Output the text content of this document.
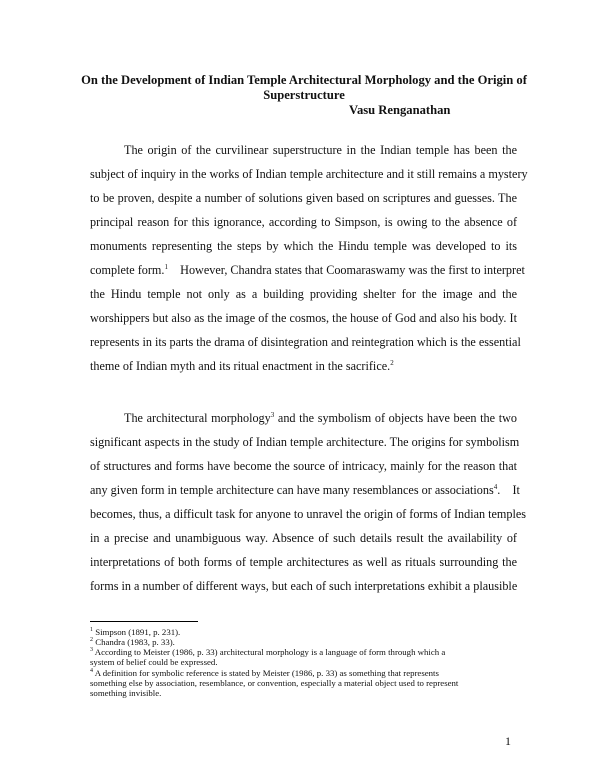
On the Development of Indian Temple Architectural Morphology and the Origin of Superstructure
Vasu Renganathan
The origin of the curvilinear superstructure in the Indian temple has been the
subject of inquiry in the works of Indian temple architecture and it still remains a mystery
to be proven, despite a number of solutions given based on scriptures and guesses. The
principal reason for this ignorance, according to Simpson, is owing to the absence of
monuments representing the steps by which the Hindu temple was developed to its
complete form.$^1$    However, Chandra states that Coomaraswamy was the first to interpret
the Hindu temple not only as a building providing shelter for the image and the
worshippers but also as the image of the cosmos, the house of God and also his body. It
represents in its parts the drama of disintegration and reintegration which is the essential
theme of Indian myth and its ritual enactment in the sacrifice.$^2$
The architectural morphology$^3$ and the symbolism of objects have been the two
significant aspects in the study of Indian temple architecture. The origins for symbolism
of structures and forms have become the source of intricacy, mainly for the reason that
any given form in temple architecture can have many resemblances or associations$^4$.    It
becomes, thus, a difficult task for anyone to unravel the origin of forms of Indian temples
in a precise and unambiguous way. Absence of such details result the availability of
interpretations of both forms of temple architectures as well as rituals surrounding the
forms in a number of different ways, but each of such interpretations exhibit a plausible
$^1$ Simpson (1891, p. 231).
$^2$ Chandra (1983, p. 33).
$^3$ According to Meister (1986, p. 33) architectural morphology is a language of form through which a
system of belief could be expressed.
$^4$ A definition for symbolic reference is stated by Meister (1986, p. 33) as something that represents
something else by association, resemblance, or convention, especially a material object used to represent
something invisible.
1
